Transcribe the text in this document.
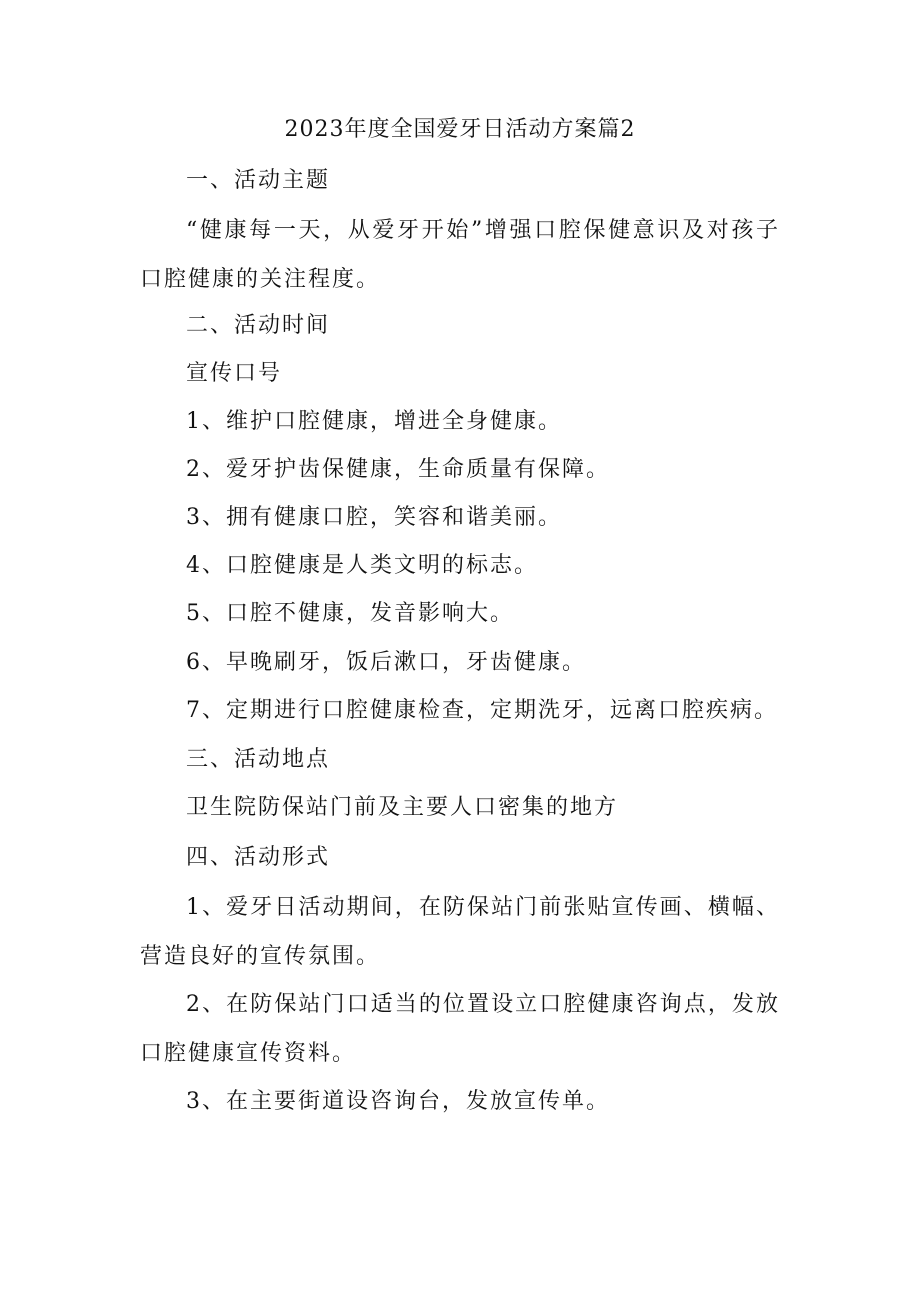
2023年度全国爱牙日活动方案篇2
一、活动主题
“健康每一天，从爱牙开始”增强口腔保健意识及对孩子口腔健康的关注程度。
二、活动时间
宣传口号
1、维护口腔健康，增进全身健康。
2、爱牙护齿保健康，生命质量有保障。
3、拥有健康口腔，笑容和谐美丽。
4、口腔健康是人类文明的标志。
5、口腔不健康，发音影响大。
6、早晚刷牙，饭后漱口，牙齿健康。
7、定期进行口腔健康检查，定期洗牙，远离口腔疾病。
三、活动地点
卫生院防保站门前及主要人口密集的地方
四、活动形式
1、爱牙日活动期间，在防保站门前张贴宣传画、横幅、营造良好的宣传氛围。
2、在防保站门口适当的位置设立口腔健康咨询点，发放口腔健康宣传资料。
3、在主要街道设咨询台，发放宣传单。
